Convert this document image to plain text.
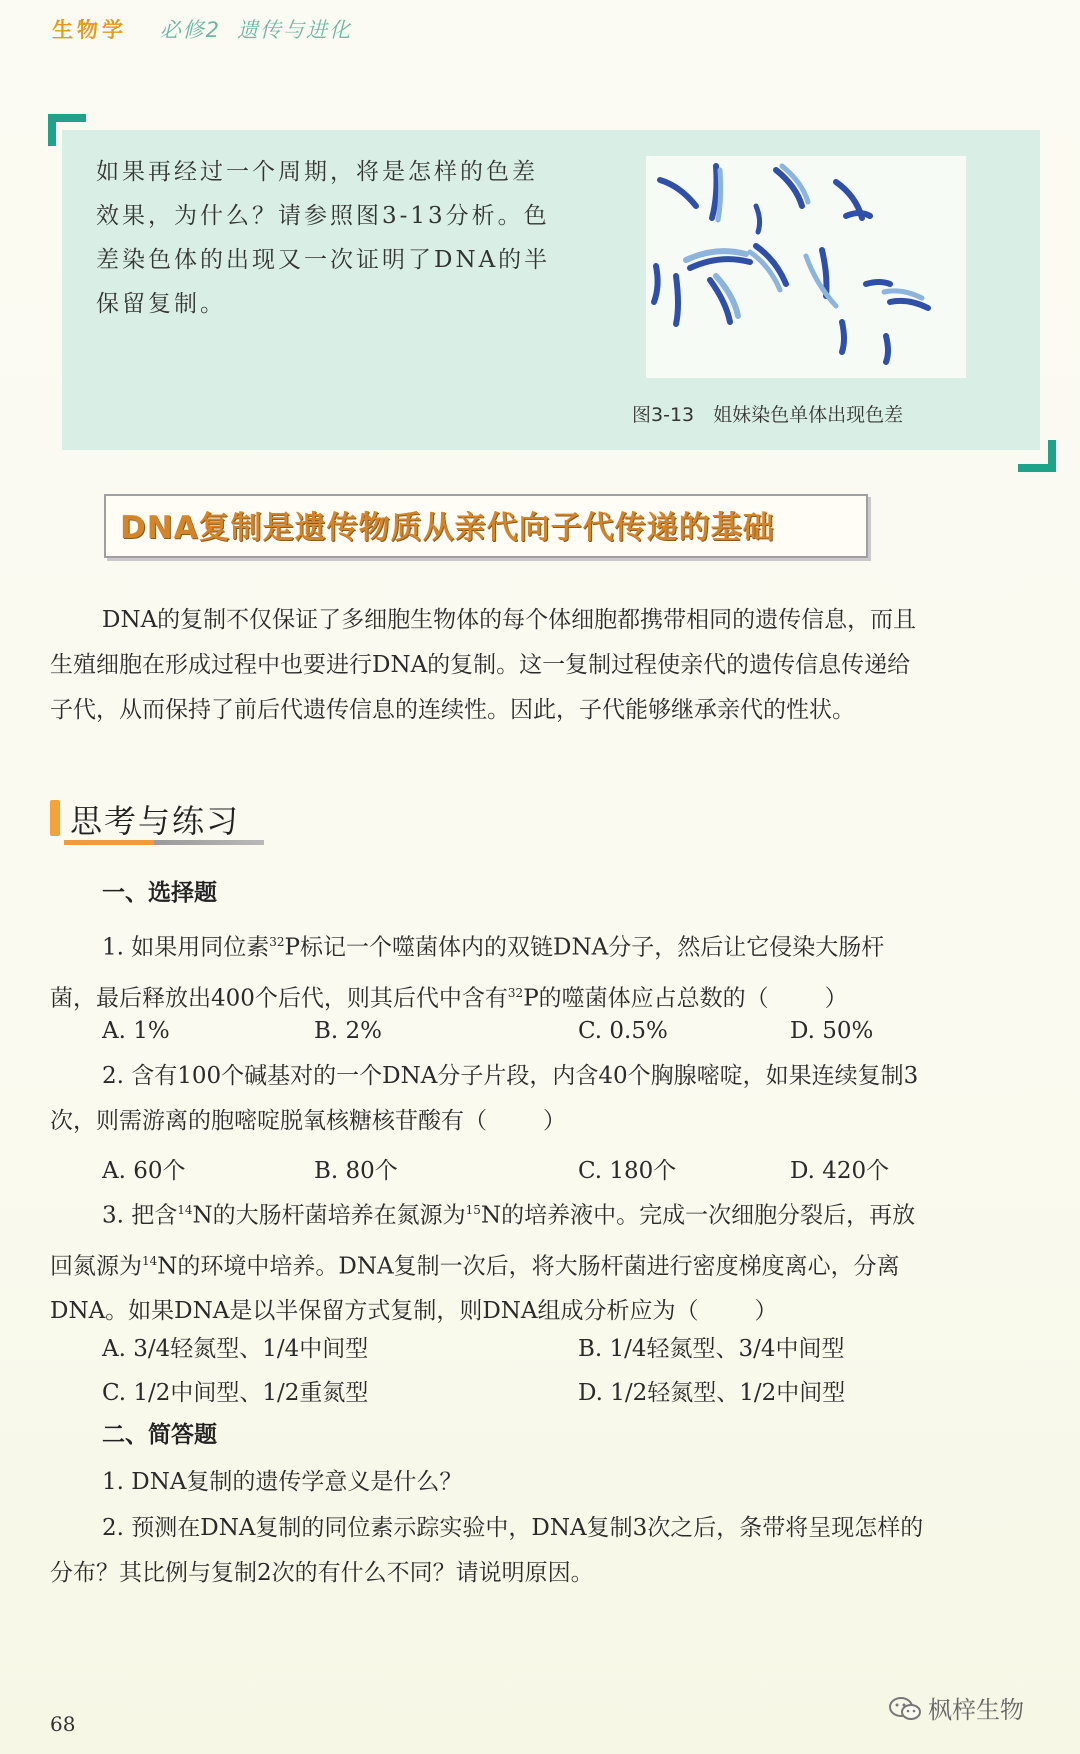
生物学 必修2 遗传与进化
如果再经过一个周期，将是怎样的色差
效果，为什么？请参照图3-13分析。色
差染色体的出现又一次证明了DNA的半
保留复制。
图3-13　姐妹染色单体出现色差
DNA复制是遗传物质从亲代向子代传递的基础
DNA的复制不仅保证了多细胞生物体的每个体细胞都携带相同的遗传信息，而且
生殖细胞在形成过程中也要进行DNA的复制。这一复制过程使亲代的遗传信息传递给
子代，从而保持了前后代遗传信息的连续性。因此，子代能够继承亲代的性状。
思考与练习
一、选择题
1. 如果用同位素$^{32}$P标记一个噬菌体内的双链DNA分子，然后让它侵染大肠杆
菌，最后释放出400个后代，则其后代中含有$^{32}$P的噬菌体应占总数的（ ）
A. 1%	B. 2%	C. 0.5%	D. 50%
2. 含有100个碱基对的一个DNA分子片段，内含40个胸腺嘧啶，如果连续复制3
次，则需游离的胞嘧啶脱氧核糖核苷酸有（ ）
A. 60个	B. 80个	C. 180个	D. 420个
3. 把含$^{14}$N的大肠杆菌培养在氮源为$^{15}$N的培养液中。完成一次细胞分裂后，再放
回氮源为$^{14}$N的环境中培养。DNA复制一次后，将大肠杆菌进行密度梯度离心，分离
DNA。如果DNA是以半保留方式复制，则DNA组成分析应为（ ）
A. 3/4轻氮型、1/4中间型	B. 1/4轻氮型、3/4中间型
C. 1/2中间型、1/2重氮型	D. 1/2轻氮型、1/2中间型
二、简答题
1. DNA复制的遗传学意义是什么？
2. 预测在DNA复制的同位素示踪实验中，DNA复制3次之后，条带将呈现怎样的
分布？其比例与复制2次的有什么不同？请说明原因。
68	枫梓生物
